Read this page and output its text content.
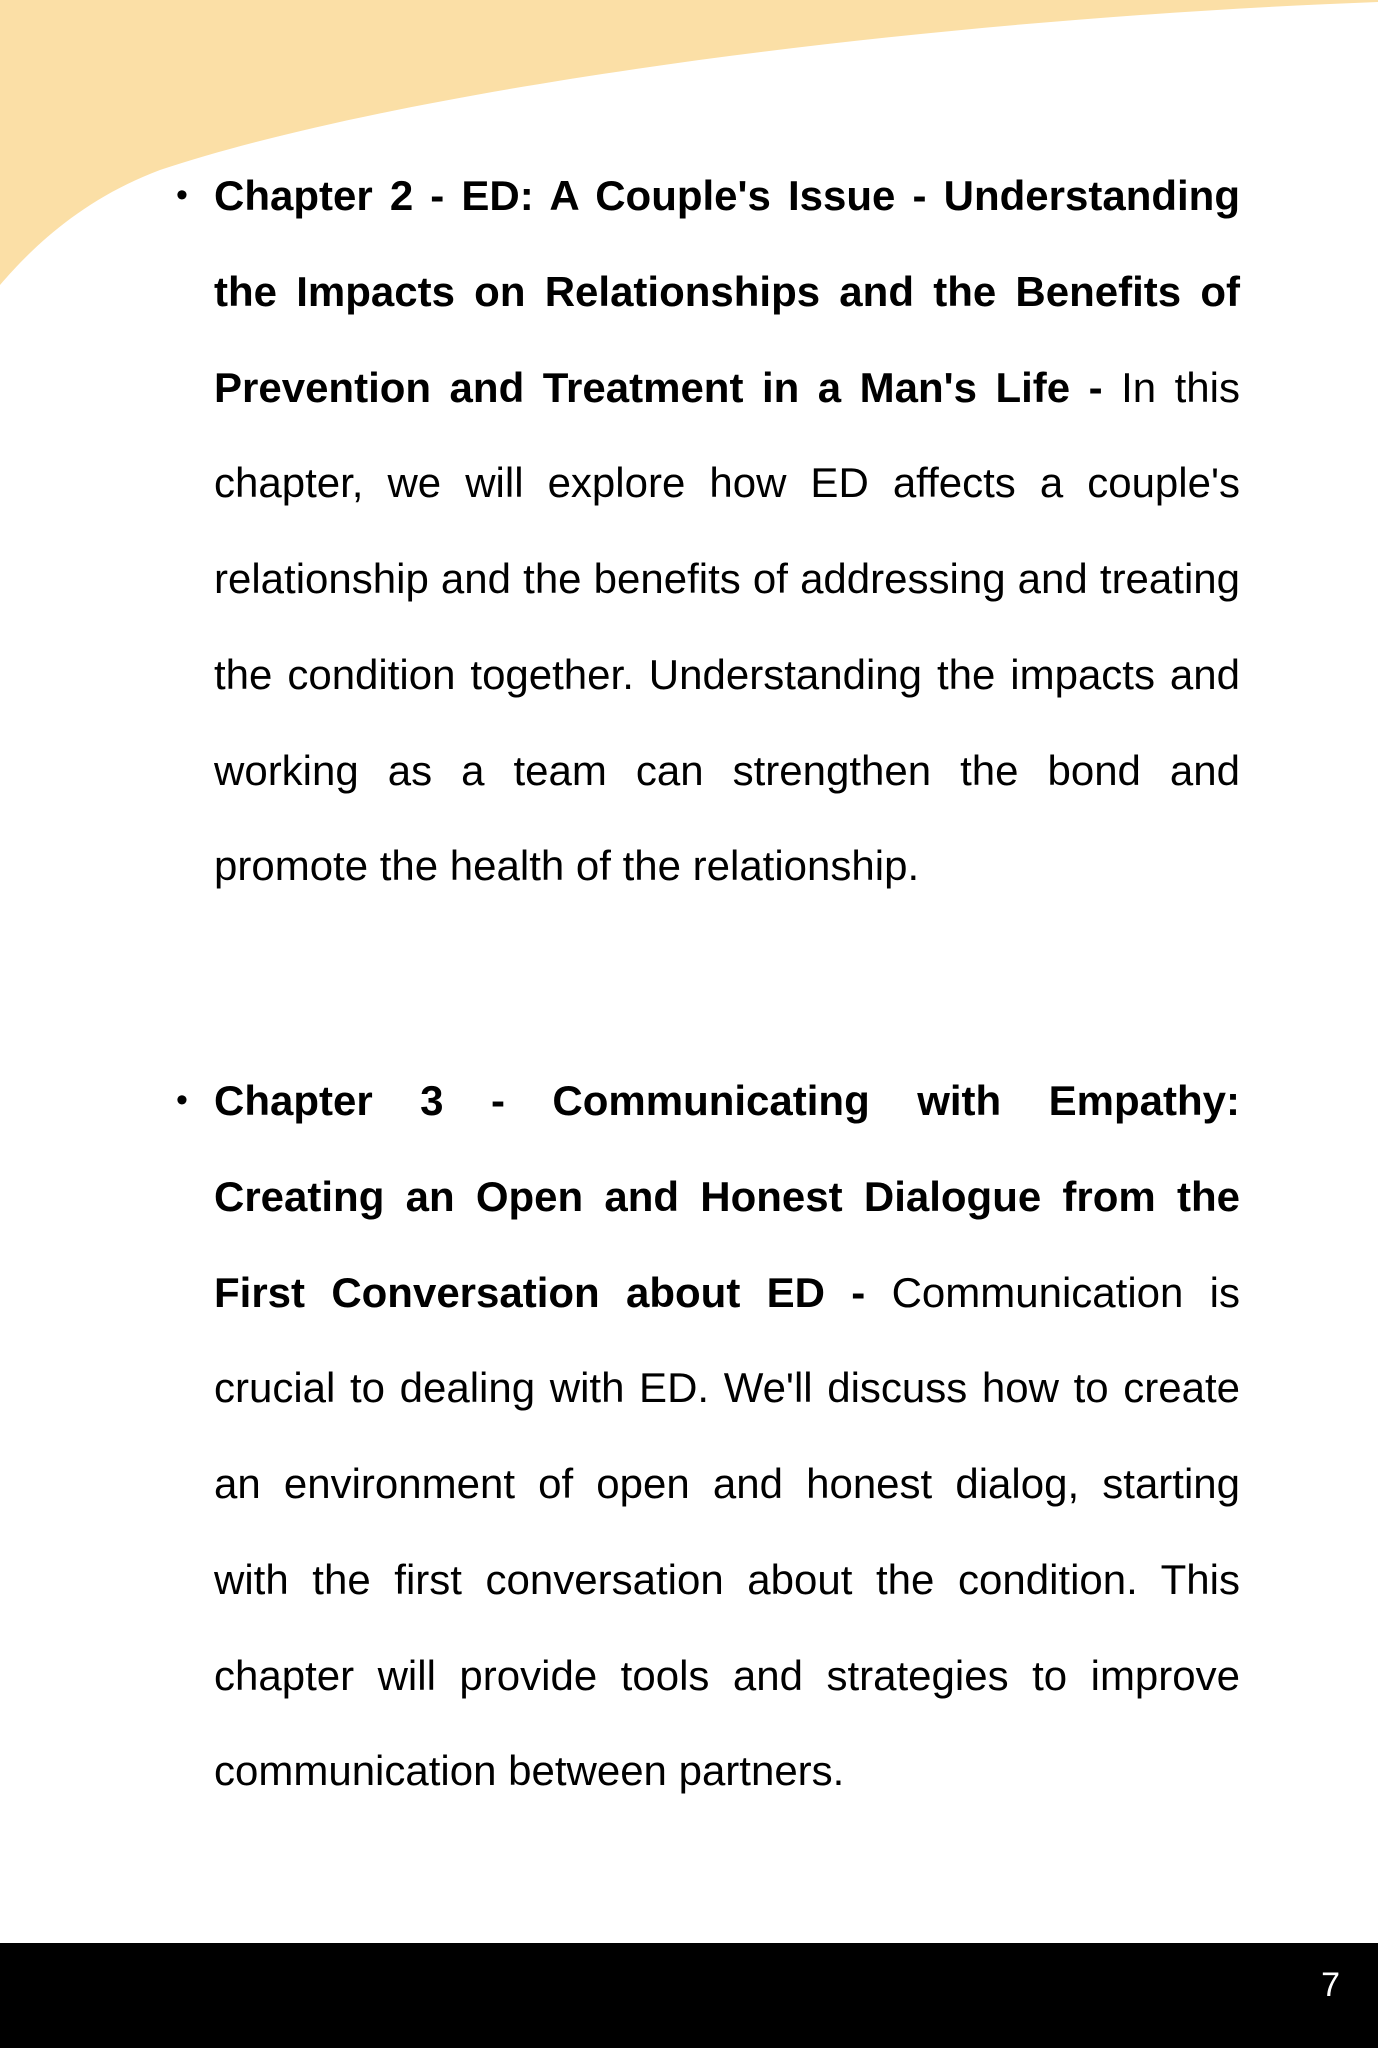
• Chapter 2 - ED: A Couple's Issue - Understanding the Impacts on Relationships and the Benefits of Prevention and Treatment in a Man's Life - In this chapter, we will explore how ED affects a couple's relationship and the benefits of addressing and treating the condition together. Understanding the impacts and working as a team can strengthen the bond and promote the health of the relationship.

• Chapter 3 - Communicating with Empathy: Creating an Open and Honest Dialogue from the First Conversation about ED - Communication is crucial to dealing with ED. We'll discuss how to create an environment of open and honest dialog, starting with the first conversation about the condition. This chapter will provide tools and strategies to improve communication between partners.

7
